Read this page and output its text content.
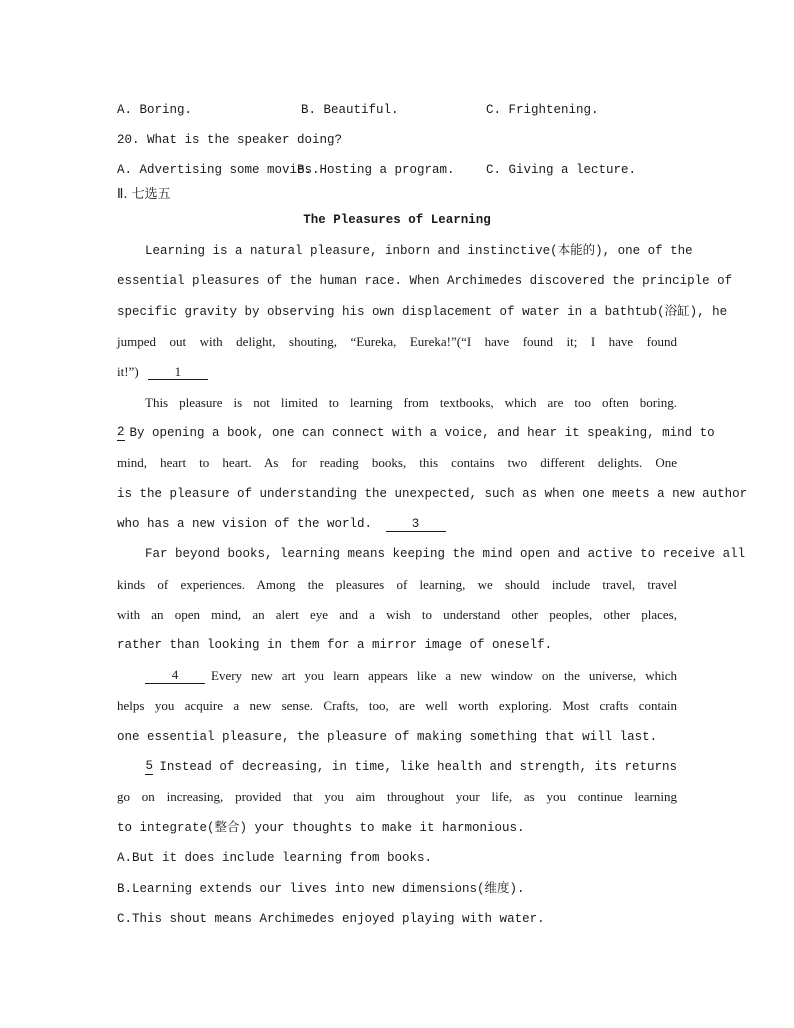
A. Boring.	B. Beautiful.	C. Frightening.
20. What is the speaker doing?
A. Advertising some movies.
B. Hosting a program.	C. Giving a lecture.
Ⅱ. 七选五
The Pleasures of Learning
Learning is a natural pleasure, inborn and instinctive(本能的), one of the
essential pleasures of the human race. When Archimedes discovered the principle of
specific gravity by observing his own displacement of water in a bathtub(浴缸), he
jumped out with delight, shouting, “Eureka, Eureka!”(“I have found it; I have found
it!”)	1
This pleasure is not limited to learning from textbooks, which are too often boring.
2 By opening a book, one can connect with a voice, and hear it speaking, mind to
mind, heart to heart. As for reading books, this contains two different delights. One
is the pleasure of understanding the unexpected, such as when one meets a new author
who has a new vision of the world.	3
Far beyond books, learning means keeping the mind open and active to receive all
kinds of experiences. Among the pleasures of learning, we should include travel, travel
with an open mind, an alert eye and a wish to understand other peoples, other places,
rather than looking in them for a mirror image of oneself.
4	Every new art you learn appears like a new window on the universe, which
helps you acquire a new sense. Crafts, too, are well worth exploring. Most crafts contain
one essential pleasure, the pleasure of making something that will last.
5 Instead of decreasing, in time, like health and strength, its returns
go on increasing, provided that you aim throughout your life, as you continue learning
to integrate(整合) your thoughts to make it harmonious.
A.But it does include learning from books.
B.Learning extends our lives into new dimensions(维度).
C.This shout means Archimedes enjoyed playing with water.
